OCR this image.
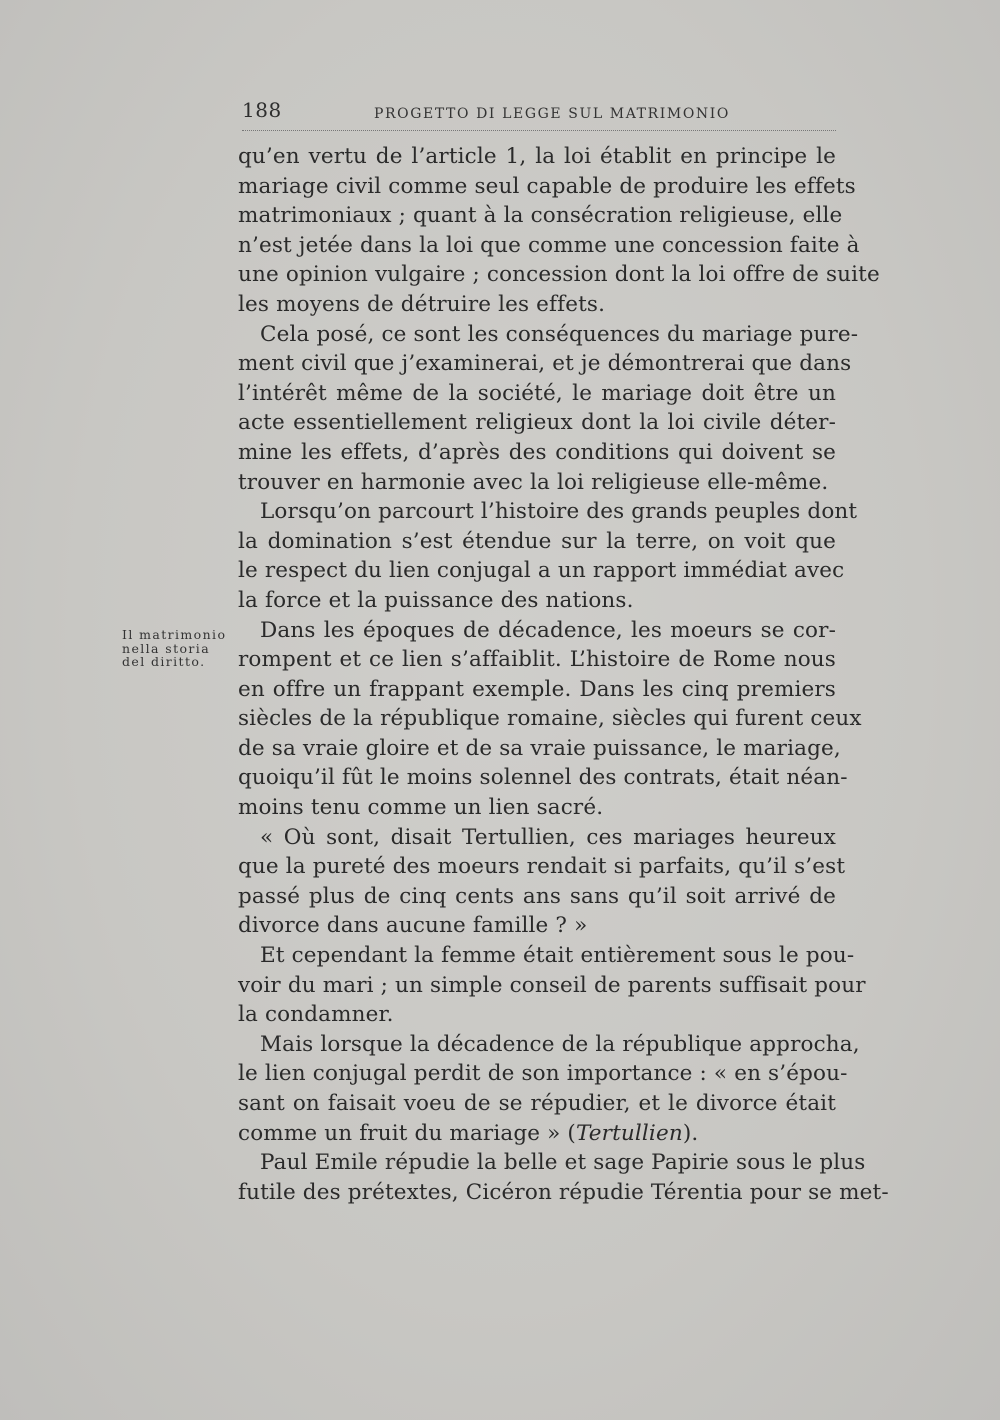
188	PROGETTO DI LEGGE SUL MATRIMONIO
Il matrimonio
nella storia
del diritto.
qu’en vertu de l’article 1, la loi établit en principe le
mariage civil comme seul capable de produire les effets
matrimoniaux ; quant à la consécration religieuse, elle
n’est jetée dans la loi que comme une concession faite à
une opinion vulgaire ; concession dont la loi offre de suite
les moyens de détruire les effets.
Cela posé, ce sont les conséquences du mariage pure-
ment civil que j’examinerai, et je démontrerai que dans
l’intérêt même de la société, le mariage doit être un
acte essentiellement religieux dont la loi civile déter-
mine les effets, d’après des conditions qui doivent se
trouver en harmonie avec la loi religieuse elle-même.
Lorsqu’on parcourt l’histoire des grands peuples dont
la domination s’est étendue sur la terre, on voit que
le respect du lien conjugal a un rapport immédiat avec
la force et la puissance des nations.
Dans les époques de décadence, les moeurs se cor-
rompent et ce lien s’affaiblit. L’histoire de Rome nous
en offre un frappant exemple. Dans les cinq premiers
siècles de la république romaine, siècles qui furent ceux
de sa vraie gloire et de sa vraie puissance, le mariage,
quoiqu’il fût le moins solennel des contrats, était néan-
moins tenu comme un lien sacré.
« Où sont, disait Tertullien, ces mariages heureux
que la pureté des moeurs rendait si parfaits, qu’il s’est
passé plus de cinq cents ans sans qu’il soit arrivé de
divorce dans aucune famille ? »
Et cependant la femme était entièrement sous le pou-
voir du mari ; un simple conseil de parents suffisait pour
la condamner.
Mais lorsque la décadence de la république approcha,
le lien conjugal perdit de son importance : « en s’épou-
sant on faisait voeu de se répudier, et le divorce était
comme un fruit du mariage » (Tertullien).
Paul Emile répudie la belle et sage Papirie sous le plus
futile des prétextes, Cicéron répudie Térentia pour se met-
